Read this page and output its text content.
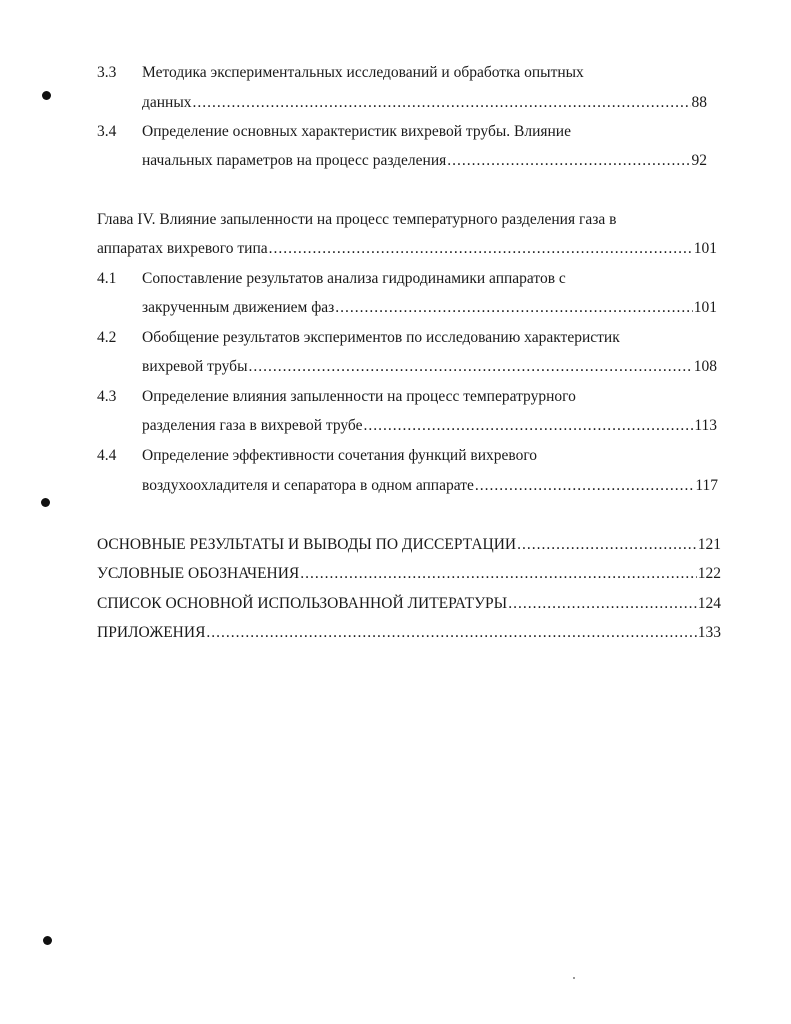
3.3 Методика экспериментальных исследований и обработка опытных
данных .....	88
3.4 Определение основных характеристик вихревой трубы. Влияние
начальных параметров на процесс разделения .....	92
Глава IV. Влияние запыленности на процесс температурного разделения газа в
аппаратах вихревого типа .....	101
4.1 Сопоставление результатов анализа гидродинамики аппаратов с
закрученным движением фаз .....	101
4.2 Обобщение результатов экспериментов по исследованию характеристик
вихревой трубы .....	108
4.3 Определение влияния запыленности на процесс температрурного
разделения газа в вихревой трубе .....	113
4.4 Определение эффективности сочетания функций вихревого
воздухоохладителя и сепаратора в одном аппарате .....	117
ОСНОВНЫЕ РЕЗУЛЬТАТЫ И ВЫВОДЫ ПО ДИССЕРТАЦИИ .....	121
УСЛОВНЫЕ ОБОЗНАЧЕНИЯ .....	122
СПИСОК ОСНОВНОЙ ИСПОЛЬЗОВАННОЙ ЛИТЕРАТУРЫ .....	124
ПРИЛОЖЕНИЯ .....	133
